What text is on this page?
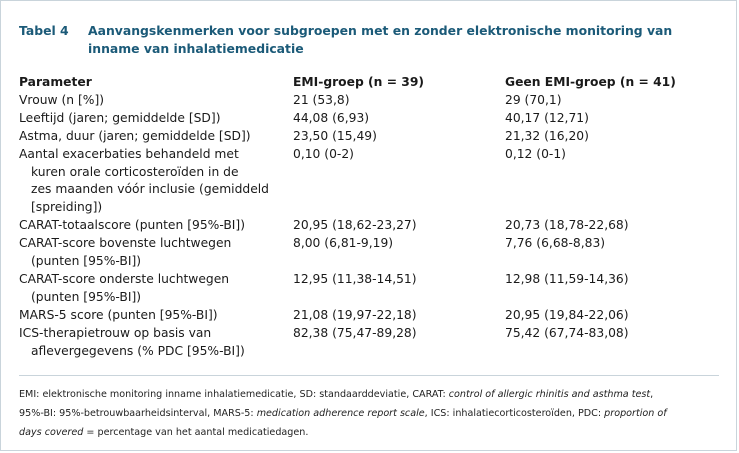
Tabel 4 Aanvangskenmerken voor subgroepen met en zonder elektronische monitoring van inname van inhalatiemedicatie
Parameter	EMI-groep (n = 39)	Geen EMI-groep (n = 41)

Vrouw (n [%])	21 (53,8)	29 (70,1)

Leeftijd (jaren; gemiddelde [SD])	44,08 (6,93)	40,17 (12,71)

Astma, duur (jaren; gemiddelde [SD])	23,50 (15,49)	21,32 (16,20)

Aantal exacerbaties behandeld met
kuren orale corticosteroïden in de
zes maanden vóór inclusie (gemiddeld
[spreiding])	0,10 (0-2)	0,12 (0-1)

CARAT-totaalscore (punten [95%-BI])	20,95 (18,62-23,27)	20,73 (18,78-22,68)

CARAT-score bovenste luchtwegen
(punten [95%-BI])	8,00 (6,81-9,19)	7,76 (6,68-8,83)

CARAT-score onderste luchtwegen
(punten [95%-BI])	12,95 (11,38-14,51)	12,98 (11,59-14,36)

MARS-5 score (punten [95%-BI])	21,08 (19,97-22,18)	20,95 (19,84-22,06)

ICS-therapietrouw op basis van
aflevergegevens (% PDC [95%-BI])	82,38 (75,47-89,28)	75,42 (67,74-83,08)
EMI: elektronische monitoring inname inhalatiemedicatie, SD: standaarddeviatie, CARAT: control of allergic rhinitis and asthma test, 95%-BI: 95%-betrouwbaarheidsinterval, MARS-5: medication adherence report scale, ICS: inhalatiecorticosteroïden, PDC: proportion of days covered = percentage van het aantal medicatiedagen.
